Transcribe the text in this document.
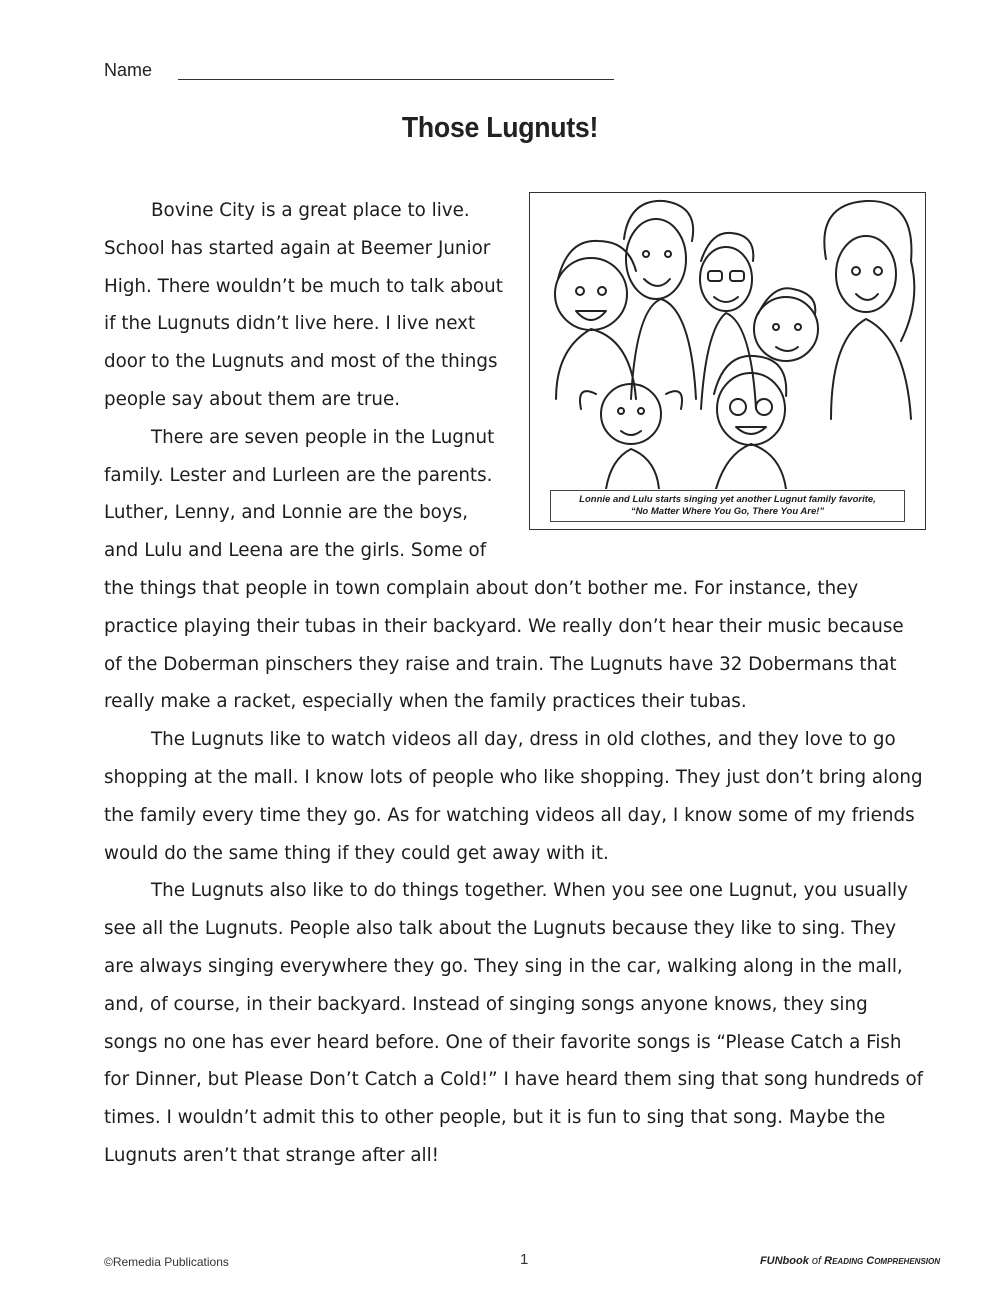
Name
Those Lugnuts!
Lonnie and Lulu starts singing yet another Lugnut family favorite,
“No Matter Where You Go, There You Are!”

Bovine City is a great place to live. School has started again at Beemer Junior High. There wouldn’t be much to talk about if the Lugnuts didn’t live here. I live next door to the Lugnuts and most of the things people say about them are true.

There are seven people in the Lugnut family. Lester and Lurleen are the parents. Luther, Lenny, and Lonnie are the boys, and Lulu and Leena are the girls. Some of the things that people in town complain about don’t bother me. For instance, they practice playing their tubas in their backyard. We really don’t hear their music because of the Doberman pinschers they raise and train. The Lugnuts have 32 Dobermans that really make a racket, especially when the family practices their tubas.

The Lugnuts like to watch videos all day, dress in old clothes, and they love to go shopping at the mall. I know lots of people who like shopping. They just don’t bring along the family every time they go. As for watching videos all day, I know some of my friends would do the same thing if they could get away with it.

The Lugnuts also like to do things together. When you see one Lugnut, you usually see all the Lugnuts. People also talk about the Lugnuts because they like to sing. They are always singing everywhere they go. They sing in the car, walking along in the mall, and, of course, in their backyard. Instead of singing songs anyone knows, they sing songs no one has ever heard before. One of their favorite songs is “Please Catch a Fish for Dinner, but Please Don’t Catch a Cold!” I have heard them sing that song hundreds of times. I wouldn’t admit this to other people, but it is fun to sing that song. Maybe the Lugnuts aren’t that strange after all!

©Remedia Publications	1	FUNbook of Reading Comprehension
